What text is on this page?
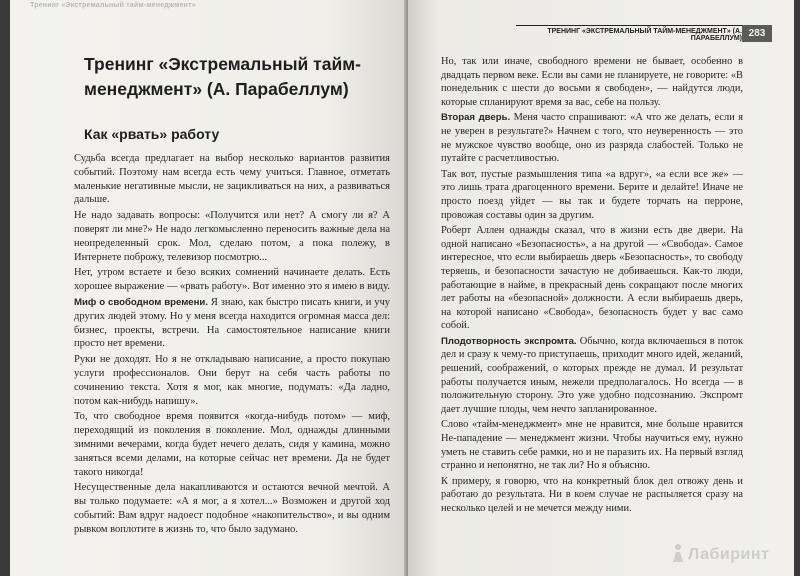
Тренинг «Экстремальный тайм-менеджмент»
Тренинг «Экстремальный тайм-менеджмент» (А. Парабеллум)
Как «рвать» работу

Судьба всегда предлагает на выбор несколько вариантов развития событий. Поэтому нам всегда есть чему учиться. Главное, отметать маленькие негативные мысли, не зацикливаться на них, а развиваться дальше.

Не надо задавать вопросы: «Получится или нет? А смогу ли я? А поверят ли мне?» Не надо легкомысленно переносить важные дела на неопределенный срок. Мол, сделаю потом, а пока полежу, в Интернете поброжу, телевизор посмотрю...

Нет, утром встаете и безо всяких сомнений начинаете делать. Есть хорошее выражение — «рвать работу». Вот именно это я имею в виду.

Миф о свободном времени. Я знаю, как быстро писать книги, и учу других людей этому. Но у меня всегда находится огромная масса дел: бизнес, проекты, встречи. На самостоятельное написание книги просто нет времени.

Руки не доходят. Но я не откладываю написание, а просто покупаю услуги профессионалов. Они берут на себя часть работы по сочинению текста. Хотя я мог, как многие, подумать: «Да ладно, потом как-нибудь напишу».

То, что свободное время появится «когда-нибудь потом» — миф, переходящий из поколения в поколение. Мол, однажды длинными зимними вечерами, когда будет нечего делать, сидя у камина, можно заняться всеми делами, на которые сейчас нет времени. Да не будет такого никогда!

Несущественные дела накапливаются и остаются вечной мечтой. А вы только подумаете: «А я мог, а я хотел...» Возможен и другой ход событий: Вам вдруг надоест подобное «накопительство», и вы одним рывком воплотите в жизнь то, что было задумано.

ТРЕНИНГ «ЭКСТРЕМАЛЬНЫЙ ТАЙМ-МЕНЕДЖМЕНТ» (А. ПАРАБЕЛЛУМ) 283

Но, так или иначе, свободного времени не бывает, особенно в двадцать первом веке. Если вы сами не планируете, не говорите: «В понедельник с шести до восьми я свободен», — найдутся люди, которые спланируют время за вас, себе на пользу.

Вторая дверь. Меня часто спрашивают: «А что же делать, если я не уверен в результате?» Начнем с того, что неуверенность — это не мужское чувство вообще, оно из разряда слабостей. Только не путайте с расчетливостью.

Так вот, пустые размышления типа «а вдруг», «а если все же» — это лишь трата драгоценного времени. Берите и делайте! Иначе не просто поезд уйдет — вы так и будете торчать на перроне, провожая составы один за другим.

Роберт Аллен однажды сказал, что в жизни есть две двери. На одной написано «Безопасность», а на другой — «Свобода». Самое интересное, что если выбираешь дверь «Безопасность», то свободу теряешь, и безопасности зачастую не добиваешься. Как-то люди, работающие в найме, в прекрасный день сокращают после многих лет работы на «безопасной» должности. А если выбираешь дверь, на которой написано «Свобода», безопасность будет у вас само собой.

Плодотворность экспромта. Обычно, когда включаешься в поток дел и сразу к чему-то приступаешь, приходит много идей, желаний, решений, соображений, о которых прежде не думал. И результат работы получается иным, нежели предполагалось. Но всегда — в положительную сторону. Это уже удобно подсознанию. Экспромт дает лучшие плоды, чем нечто запланированное.

Слово «тайм-менеджмент» мне не нравится, мне больше нравится Не-пападение — менеджмент жизни. Чтобы научиться ему, нужно уметь не ставить себе рамки, но и не паразить их. На первый взгляд странно и непонятно, не так ли? Но я объясню.

К примеру, я говорю, что на конкретный блок дел отвожу день и работаю до результата. Ни в коем случае не распыляется сразу на несколько целей и не мечется между ними.

Лабиринт
